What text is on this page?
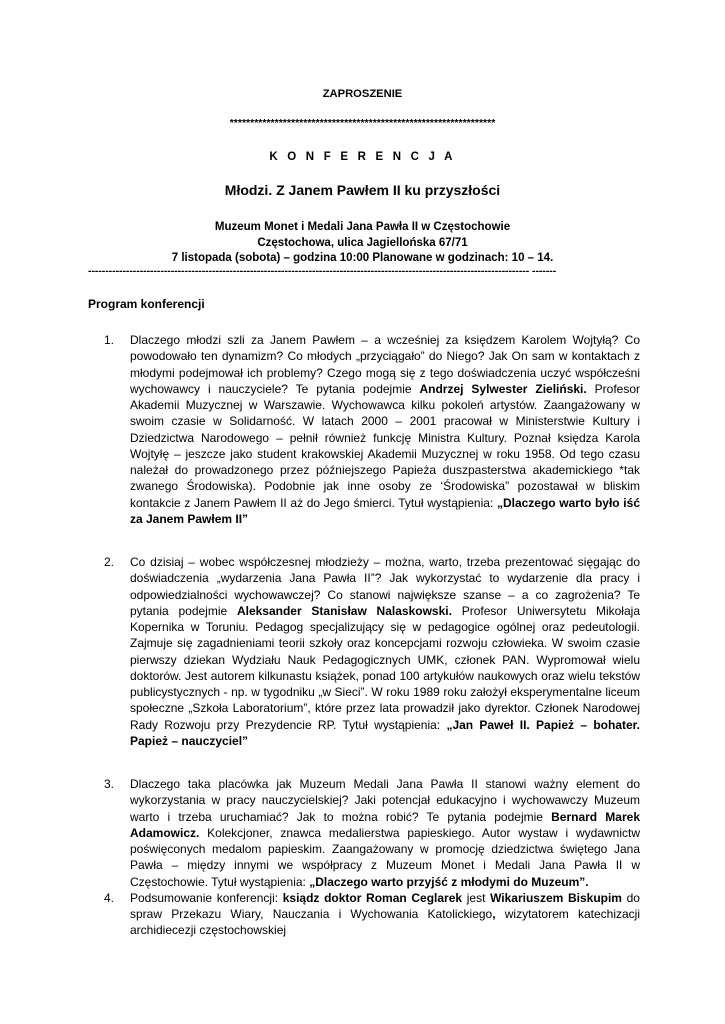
ZAPROSZENIE
*****************************************************************
K O N F E R E N C J A
Młodzi. Z Janem Pawłem II ku przyszłości
Muzeum Monet i Medali Jana Pawła II w Częstochowie
Częstochowa, ulica Jagiellońska 67/71
7 listopada (sobota) – godzina 10:00 Planowane w godzinach: 10 – 14.
-------------------------------------------------------------------------------------------------------------------------------- -------
Program konferencji
1. Dlaczego młodzi szli za Janem Pawłem – a wcześniej za księdzem Karolem Wojtyłą? Co powodowało ten dynamizm? Co młodych „przyciągało” do Niego? Jak On sam w kontaktach z młodymi podejmował ich problemy? Czego mogą się z tego doświadczenia uczyć współcześni wychowawcy i nauczyciele? Te pytania podejmie Andrzej Sylwester Zieliński. Profesor Akademii Muzycznej w Warszawie. Wychowawca kilku pokoleń artystów. Zaangażowany w swoim czasie w Solidarność. W latach 2000 – 2001 pracował w Ministerstwie Kultury i Dziedzictwa Narodowego – pełnił również funkcję Ministra Kultury. Poznał księdza Karola Wojtyłę – jeszcze jako student krakowskiej Akademii Muzycznej w roku 1958. Od tego czasu należał do prowadzonego przez późniejszego Papieża duszpasterstwa akademickiego *tak zwanego Środowiska). Podobnie jak inne osoby ze ‘Środowiska” pozostawał w bliskim kontakcie z Janem Pawłem II aż do Jego śmierci. Tytuł wystąpienia: „Dlaczego warto było iść za Janem Pawłem II”
2. Co dzisiaj – wobec współczesnej młodzieży – można, warto, trzeba prezentować sięgając do doświadczenia „wydarzenia Jana Pawła II”? Jak wykorzystać to wydarzenie dla pracy i odpowiedzialności wychowawczej? Co stanowi największe szanse – a co zagrożenia? Te pytania podejmie Aleksander Stanisław Nalaskowski. Profesor Uniwersytetu Mikołaja Kopernika w Toruniu. Pedagog specjalizujący się w pedagogice ogólnej oraz pedeutologii. Zajmuje się zagadnieniami teorii szkoły oraz koncepcjami rozwoju człowieka. W swoim czasie pierwszy dziekan Wydziału Nauk Pedagogicznych UMK, członek PAN. Wypromował wielu doktorów. Jest autorem kilkunastu książek, ponad 100 artykułów naukowych oraz wielu tekstów publicystycznych - np. w tygodniku „w Sieci”. W roku 1989 roku założył eksperymentalne liceum społeczne „Szkoła Laboratorium”, które przez lata prowadził jako dyrektor. Członek Narodowej Rady Rozwoju przy Prezydencie RP. Tytuł wystąpienia: „Jan Paweł II. Papież – bohater. Papież – nauczyciel”
3. Dlaczego taka placówka jak Muzeum Medali Jana Pawła II stanowi ważny element do wykorzystania w pracy nauczycielskiej? Jaki potencjał edukacyjno i wychowawczy Muzeum warto i trzeba uruchamiać? Jak to można robić? Te pytania podejmie Bernard Marek Adamowicz. Kolekcjoner, znawca medalierstwa papieskiego. Autor wystaw i wydawnictw poświęconych medalom papieskim. Zaangażowany w promocję dziedzictwa świętego Jana Pawła – między innymi we współpracy z Muzeum Monet i Medali Jana Pawła II w Częstochowie. Tytuł wystąpienia: „Dlaczego warto przyjść z młodymi do Muzeum”.
4. Podsumowanie konferencji: ksiądz doktor Roman Ceglarek jest Wikariuszem Biskupim do spraw Przekazu Wiary, Nauczania i Wychowania Katolickiego, wizytatorem katechizacji archidiecezji częstochowskiej
